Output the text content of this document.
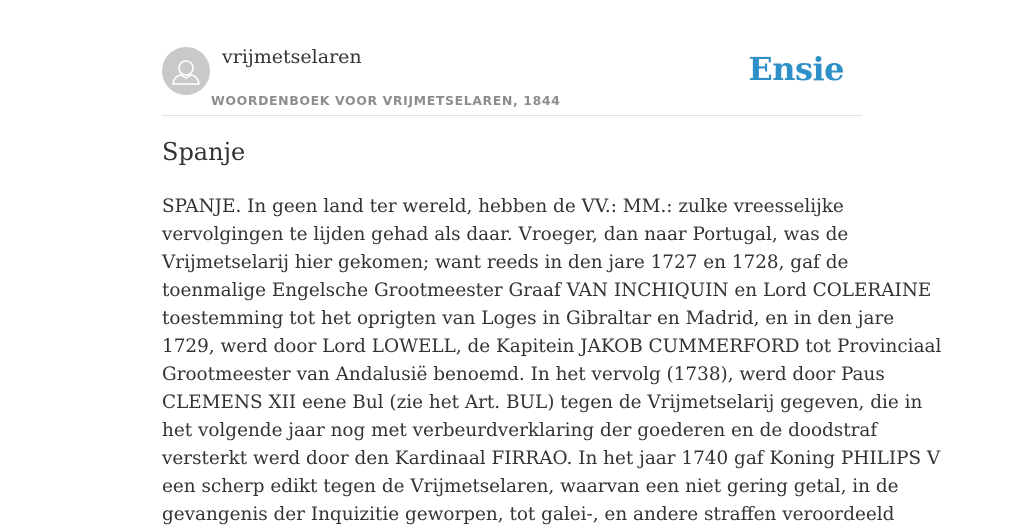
vrijmetselaren
WOORDENBOEK VOOR VRIJMETSELAREN, 1844
Ensie
Spanje

SPANJE. In geen land ter wereld, hebben de VV.: MM.: zulke vreesselijke
vervolgingen te lijden gehad als daar. Vroeger, dan naar Portugal, was de
Vrijmetselarij hier gekomen; want reeds in den jare 1727 en 1728, gaf de
toenmalige Engelsche Grootmeester Graaf VAN INCHIQUIN en Lord COLERAINE
toestemming tot het oprigten van Loges in Gibraltar en Madrid, en in den jare
1729, werd door Lord LOWELL, de Kapitein JAKOB CUMMERFORD tot Provinciaal
Grootmeester van Andalusië benoemd. In het vervolg (1738), werd door Paus
CLEMENS XII eene Bul (zie het Art. BUL) tegen de Vrijmetselarij gegeven, die in
het volgende jaar nog met verbeurdverklaring der goederen en de doodstraf
versterkt werd door den Kardinaal FIRRAO. In het jaar 1740 gaf Koning PHILIPS V
een scherp edikt tegen de Vrijmetselaren, waarvan een niet gering getal, in de
gevangenis der Inquizitie geworpen, tot galei-, en andere straffen veroordeeld
